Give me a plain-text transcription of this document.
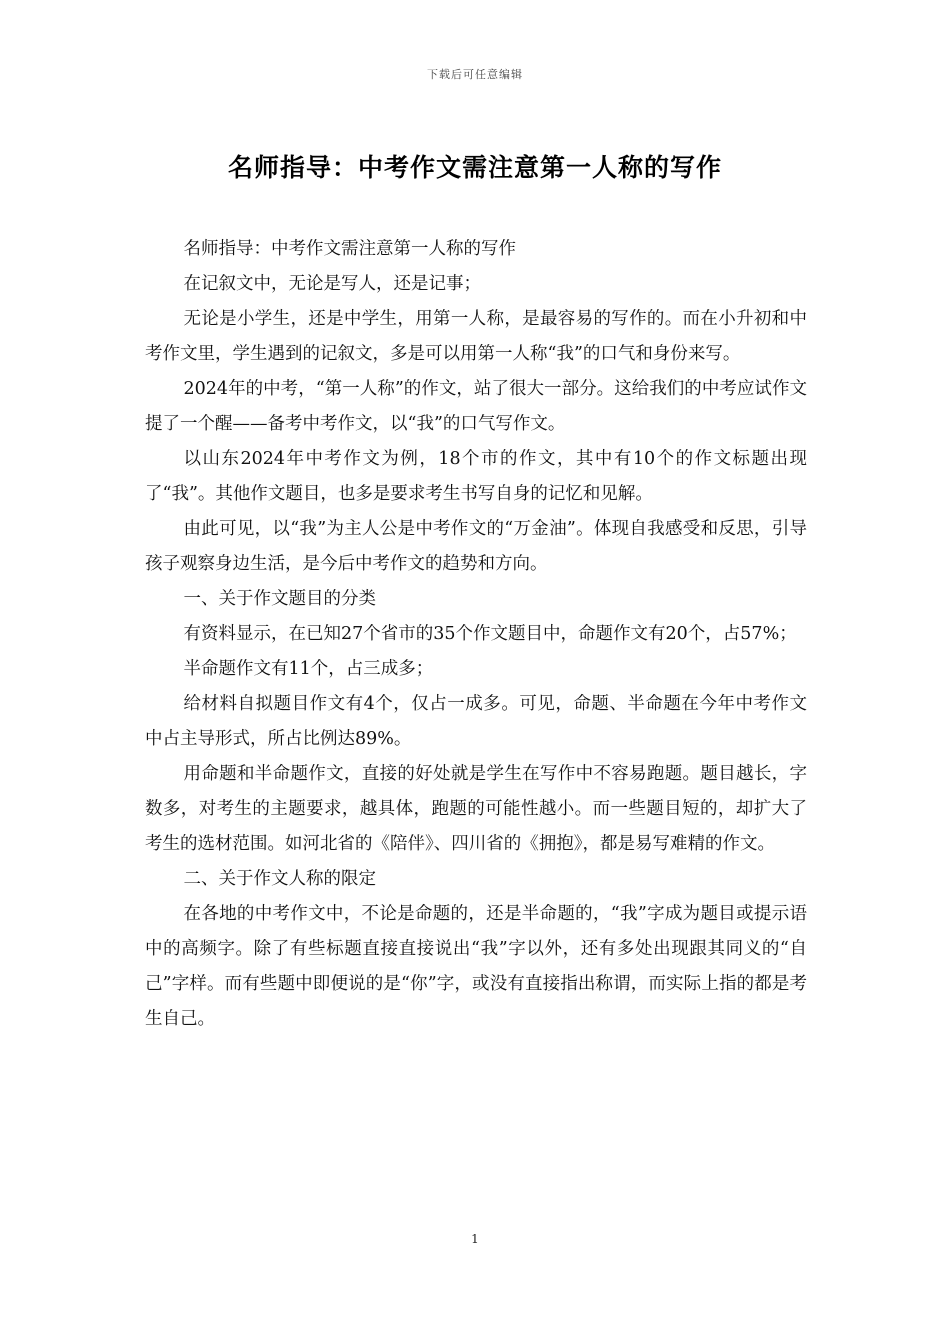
下载后可任意编辑
名师指导：中考作文需注意第一人称的写作

名师指导：中考作文需注意第一人称的写作

在记叙文中，无论是写人，还是记事；

无论是小学生，还是中学生，用第一人称，是最容易的写作的。而在小升初和中考作文里，学生遇到的记叙文，多是可以用第一人称“我”的口气和身份来写。

2024年的中考，“第一人称”的作文，站了很大一部分。这给我们的中考应试作文提了一个醒——备考中考作文，以“我”的口气写作文。

以山东2024年中考作文为例，18个市的作文，其中有10个的作文标题出现了“我”。其他作文题目，也多是要求考生书写自身的记忆和见解。

由此可见，以“我”为主人公是中考作文的“万金油”。体现自我感受和反思，引导孩子观察身边生活，是今后中考作文的趋势和方向。

一、关于作文题目的分类

有资料显示，在已知27个省市的35个作文题目中，命题作文有20个，占57%；

半命题作文有11个，占三成多；

给材料自拟题目作文有4个，仅占一成多。可见，命题、半命题在今年中考作文中占主导形式，所占比例达89%。

用命题和半命题作文，直接的好处就是学生在写作中不容易跑题。题目越长，字数多，对考生的主题要求，越具体，跑题的可能性越小。而一些题目短的，却扩大了考生的选材范围。如河北省的《陪伴》、四川省的《拥抱》，都是易写难精的作文。

二、关于作文人称的限定

在各地的中考作文中，不论是命题的，还是半命题的，“我”字成为题目或提示语中的高频字。除了有些标题直接直接说出“我”字以外，还有多处出现跟其同义的“自己”字样。而有些题中即便说的是“你”字，或没有直接指出称谓，而实际上指的都是考生自己。

1
